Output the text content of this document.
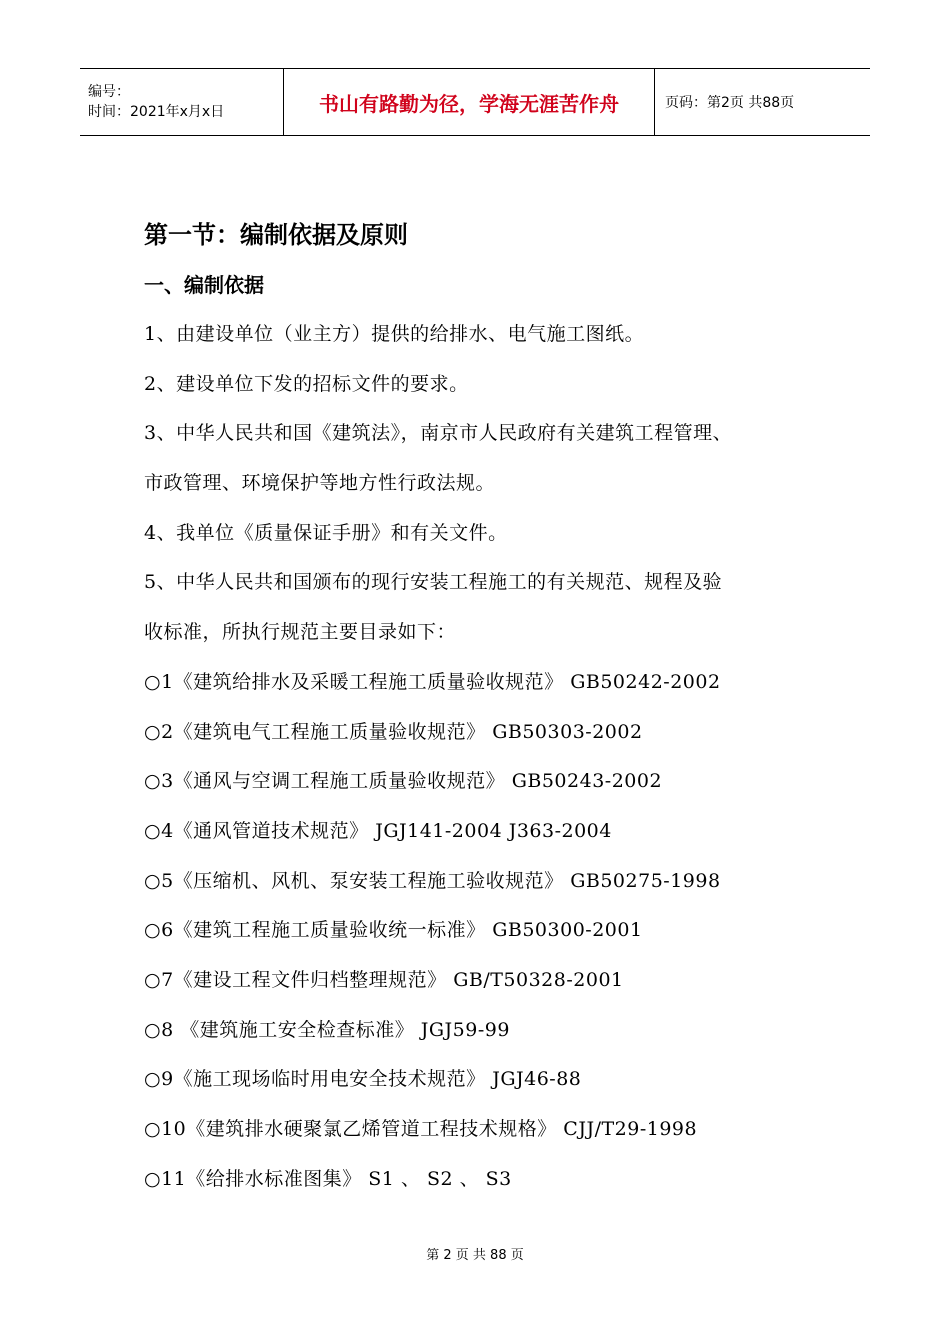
编号：
时间：2021年x月x日	书山有路勤为径，学海无涯苦作舟	页码：第2页 共88页
第一节：编制依据及原则
一、编制依据

1、由建设单位（业主方）提供的给排水、电气施工图纸。

2、建设单位下发的招标文件的要求。

3、中华人民共和国《建筑法》，南京市人民政府有关建筑工程管理、

市政管理、环境保护等地方性行政法规。

4、我单位《质量保证手册》和有关文件。

5、中华人民共和国颁布的现行安装工程施工的有关规范、规程及验

收标准，所执行规范主要目录如下：

○1《建筑给排水及采暖工程施工质量验收规范》 GB50242-2002

○2《建筑电气工程施工质量验收规范》 GB50303-2002

○3《通风与空调工程施工质量验收规范》 GB50243-2002

○4《通风管道技术规范》 JGJ141-2004 J363-2004

○5《压缩机、风机、泵安装工程施工验收规范》 GB50275-1998

○6《建筑工程施工质量验收统一标准》 GB50300-2001

○7《建设工程文件归档整理规范》 GB/T50328-2001

○8 《建筑施工安全检查标准》 JGJ59-99

○9《施工现场临时用电安全技术规范》 JGJ46-88

○10《建筑排水硬聚氯乙烯管道工程技术规格》 CJJ/T29-1998

○11《给排水标准图集》 S1 、 S2 、 S3

第 2 页 共 88 页
